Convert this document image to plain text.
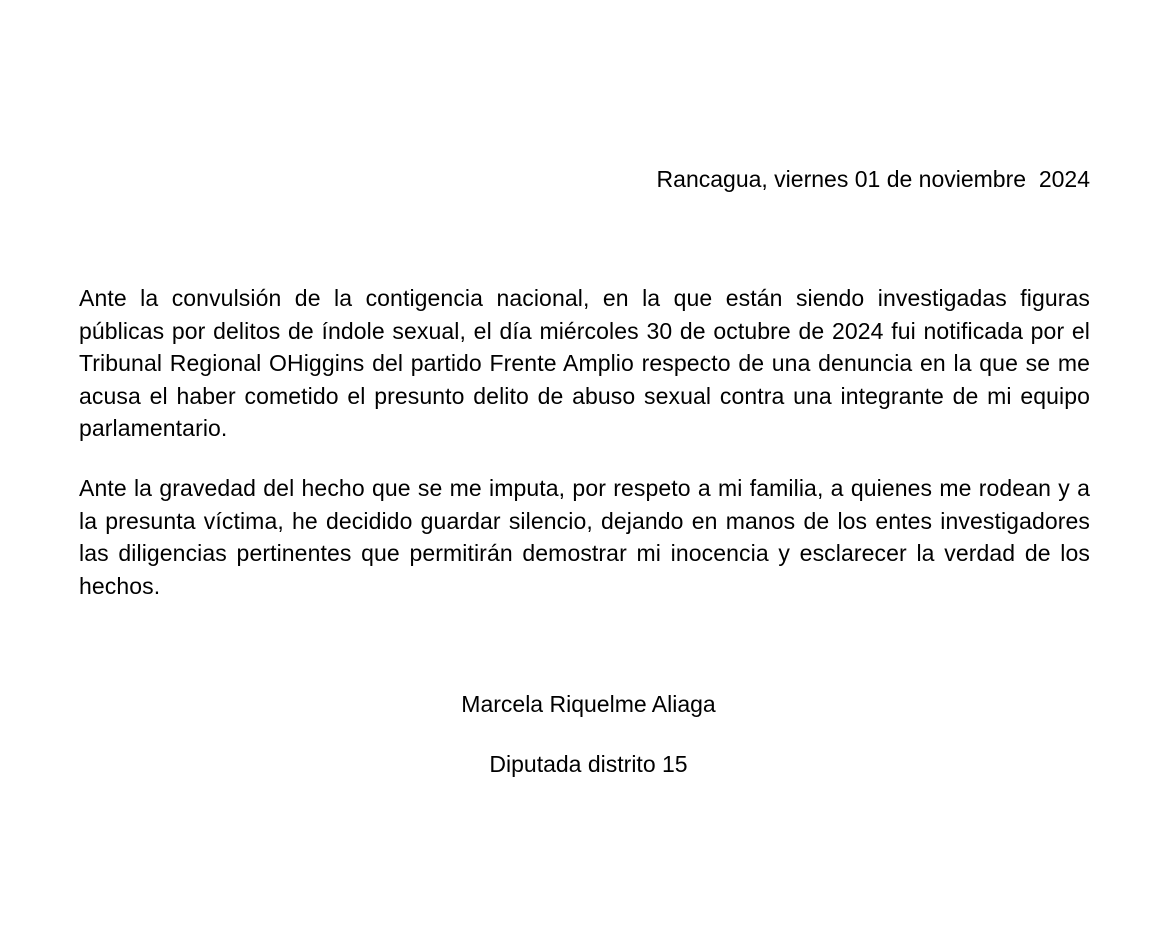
Rancagua, viernes 01 de noviembre  2024

Ante la convulsión de la contigencia nacional, en la que están siendo investigadas figuras públicas por delitos de índole sexual, el día miércoles 30 de octubre de 2024 fui notificada por el Tribunal Regional OHiggins del partido Frente Amplio respecto de una denuncia en la que se me acusa el haber cometido el presunto delito de abuso sexual contra una integrante de mi equipo parlamentario.

Ante la gravedad del hecho que se me imputa, por respeto a mi familia, a quienes me rodean y a la presunta víctima, he decidido guardar silencio, dejando en manos de los entes investigadores las diligencias pertinentes que permitirán demostrar mi inocencia y esclarecer la verdad de los hechos.

Marcela Riquelme Aliaga

Diputada distrito 15
